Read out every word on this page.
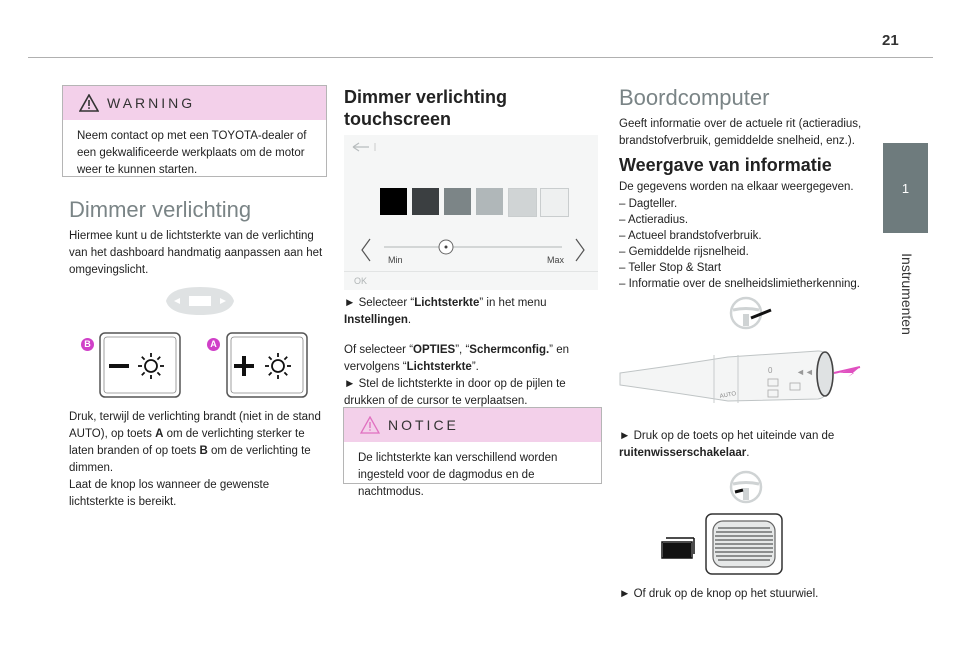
21
1
Instrumenten
WARNING
Neem contact op met een TOYOTA-dealer of een gekwalificeerde werkplaats om de motor weer te kunnen starten.
Dimmer verlichting
Hiermee kunt u de lichtsterkte van de verlichting van het dashboard handmatig aanpassen aan het omgevingslicht.
B	A
Druk, terwijl de verlichting brandt (niet in de stand AUTO), op toets A om de verlichting sterker te laten branden of op toets B om de verlichting te dimmen.
Laat de knop los wanneer de gewenste lichtsterkte is bereikt.
Dimmer verlichting
touchscreen
Min	Max
OK
► Selecteer “Lichtsterkte” in het menu Instellingen.
Of selecteer “OPTIES”, “Schermconfig.” en vervolgens “Lichtsterkte”.
► Stel de lichtsterkte in door op de pijlen te drukken of de cursor te verplaatsen.
NOTICE
De lichtsterkte kan verschillend worden ingesteld voor de dagmodus en de nachtmodus.
Boordcomputer
Geeft informatie over de actuele rit (actieradius, brandstofverbruik, gemiddelde snelheid, enz.).
Weergave van informatie
De gegevens worden na elkaar weergegeven.
– Dagteller.
– Actieradius.
– Actueel brandstofverbruik.
– Gemiddelde rijsnelheid.
– Teller Stop & Start
– Informatie over de snelheidslimietherkenning.
AUTO
0	◄◄
► Druk op de toets op het uiteinde van de ruitenwisserschakelaar.
► Of druk op de knop op het stuurwiel.
